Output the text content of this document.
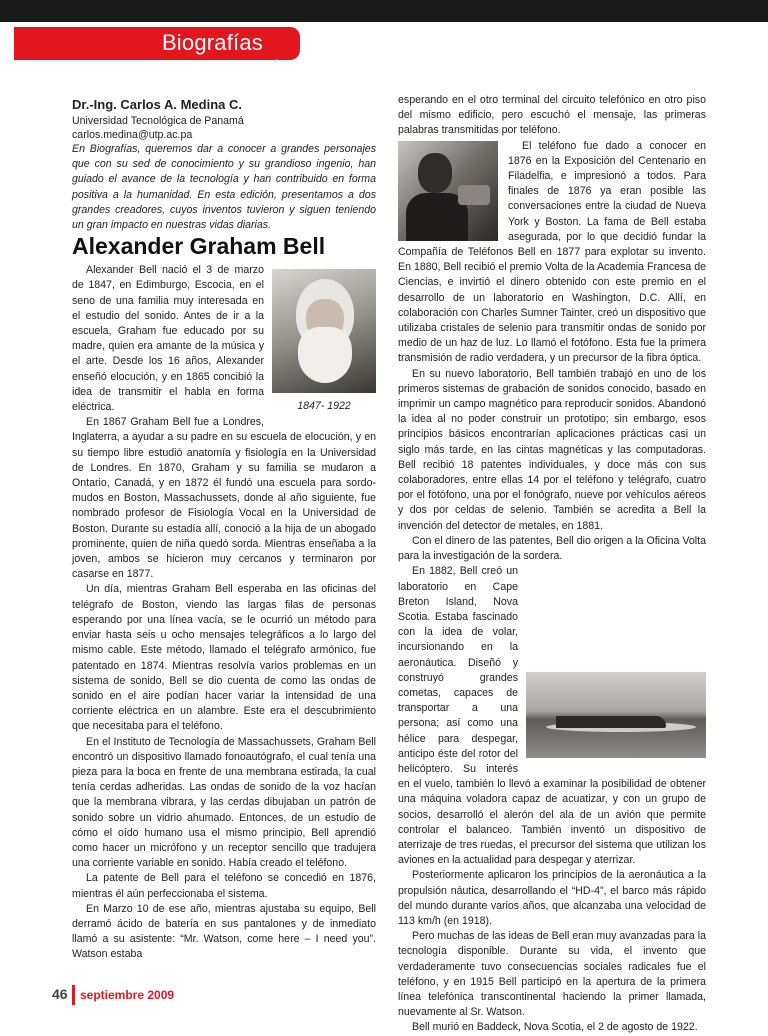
Biografías
Dr.-Ing. Carlos A. Medina C.
Universidad Tecnológica de Panamá
carlos.medina@utp.ac.pa

En Biografías, queremos dar a conocer a grandes personajes que con su sed de conocimiento y su grandioso ingenio, han guiado el avance de la tecnología y han contribuido en forma positiva a la humanidad. En esta edición, presentamos a dos grandes creadores, cuyos inventos tuvieron y siguen teniendo un gran impacto en nuestras vidas diarias.

Alexander Graham Bell
1847- 1922

Alexander Bell nació el 3 de marzo de 1847, en Edimburgo, Escocia, en el seno de una familia muy interesada en el estudio del sonido. Antes de ir a la escuela, Graham fue educado por su madre, quien era amante de la música y el arte. Desde los 16 años, Alexander enseñó elocución, y en 1865 concibió la idea de transmitir el habla en forma eléctrica.

En 1867 Graham Bell fue a Londres, Inglaterra, a ayudar a su padre en su escuela de elocución, y en su tiempo libre estudió anatomía y fisiología en la Universidad de Londres. En 1870, Graham y su familia se mudaron a Ontario, Canadá, y en 1872 él fundó una escuela para sordo-mudos en Boston, Massachussets, donde al año siguiente, fue nombrado profesor de Fisiología Vocal en la Universidad de Boston. Durante su estadía allí, conoció a la hija de un abogado prominente, quien de niña quedó sorda. Mientras enseñaba a la joven, ambos se hicieron muy cercanos y terminaron por casarse en 1877.

Un día, mientras Graham Bell esperaba en las oficinas del telégrafo de Boston, viendo las largas filas de personas esperando por una línea vacía, se le ocurrió un método para enviar hasta seis u ocho mensajes telegráficos a lo largo del mismo cable. Este método, llamado el telégrafo armónico, fue patentado en 1874. Mientras resolvía varios problemas en un sistema de sonido, Bell se dio cuenta de como las ondas de sonido en el aire podían hacer variar la intensidad de una corriente eléctrica en un alambre. Este era el descubrimiento que necesitaba para el teléfono.

En el Instituto de Tecnología de Massachussets, Graham Bell encontró un dispositivo llamado fonoautógrafo, el cual tenía una pieza para la boca en frente de una membrana estirada, la cual tenía cerdas adheridas. Las ondas de sonido de la voz hacían que la membrana vibrara, y las cerdas dibujaban un patrón de sonido sobre un vidrio ahumado. Entonces, de un estudio de cómo el oído humano usa el mismo principio, Bell aprendió como hacer un micrófono y un receptor sencillo que tradujera una corriente variable en sonido. Había creado el teléfono.

La patente de Bell para el teléfono se concedió en 1876, mientras él aún perfeccionaba el sistema.

En Marzo 10 de ese año, mientras ajustaba su equipo, Bell derramó ácido de batería en sus pantalones y de inmediato llamó a su asistente: “Mr. Watson, come here – I need you”. Watson estaba

esperando en el otro terminal del circuito telefónico en otro piso del mismo edificio, pero escuchó el mensaje, las primeras palabras transmitidas por teléfono.

El teléfono fue dado a conocer en 1876 en la Exposición del Centenario en Filadelfia, e impresionó a todos. Para finales de 1876 ya eran posible las conversaciones entre la ciudad de Nueva York y Boston. La fama de Bell estaba asegurada, por lo que decidió fundar la Compañía de Teléfonos Bell en 1877 para explotar su invento. En 1880, Bell recibió el premio Volta de la Academia Francesa de Ciencias, e invirtió el dinero obtenido con este premio en el desarrollo de un laboratorio en Washington, D.C. Allí, en colaboración con Charles Sumner Tainter, creó un dispositivo que utilizaba cristales de selenio para transmitir ondas de sonido por medio de un haz de luz. Lo llamó el fotófono. Esta fue la primera transmisión de radio verdadera, y un precursor de la fibra óptica.

En su nuevo laboratorio, Bell también trabajó en uno de los primeros sistemas de grabación de sonidos conocido, basado en imprimir un campo magnético para reproducir sonidos. Abandonó la idea al no poder construir un prototipo; sin embargo, esos principios básicos encontrarían aplicaciones prácticas casi un siglo más tarde, en las cintas magnéticas y las computadoras. Bell recibió 18 patentes individuales, y doce más con sus colaboradores, entre ellas 14 por el teléfono y telégrafo, cuatro por el fotófono, una por el fonógrafo, nueve por vehículos aéreos y dos por celdas de selenio. También se acredita a Bell la invención del detector de metales, en 1881.

Con el dinero de las patentes, Bell dio origen a la Oficina Volta para la investigación de la sordera.

En 1882, Bell creó un laboratorio en Cape Breton Island, Nova Scotia. Estaba fascinado con la idea de volar, incursionando en la aeronáutica. Diseñó y construyó grandes cometas, capaces de transportar a una persona; así como una hélice para despegar, anticipo éste del rotor del helicóptero. Su interés en el vuelo, también lo llevó a examinar la posibilidad de obtener una máquina voladora capaz de acuatizar, y con un grupo de socios, desarrolló el alerón del ala de un avión que permite controlar el balanceo. También inventó un dispositivo de aterrizaje de tres ruedas, el precursor del sistema que utilizan los aviones en la actualidad para despegar y aterrizar.

Posteriormente aplicaron los principios de la aeronáutica a la propulsión náutica, desarrollando el “HD-4”, el barco más rápido del mundo durante varios años, que alcanzaba una velocidad de 113 km/h (en 1918).

Pero muchas de las ideas de Bell eran muy avanzadas para la tecnología disponible. Durante su vida, el invento que verdaderamente tuvo consecuencias sociales radicales fue el teléfono, y en 1915 Bell participó en la apertura de la primera línea telefónica transcontinental haciendo la primer llamada, nuevamente al Sr. Watson.

Bell murió en Baddeck, Nova Scotia, el 2 de agosto de 1922.

46 septiembre 2009
